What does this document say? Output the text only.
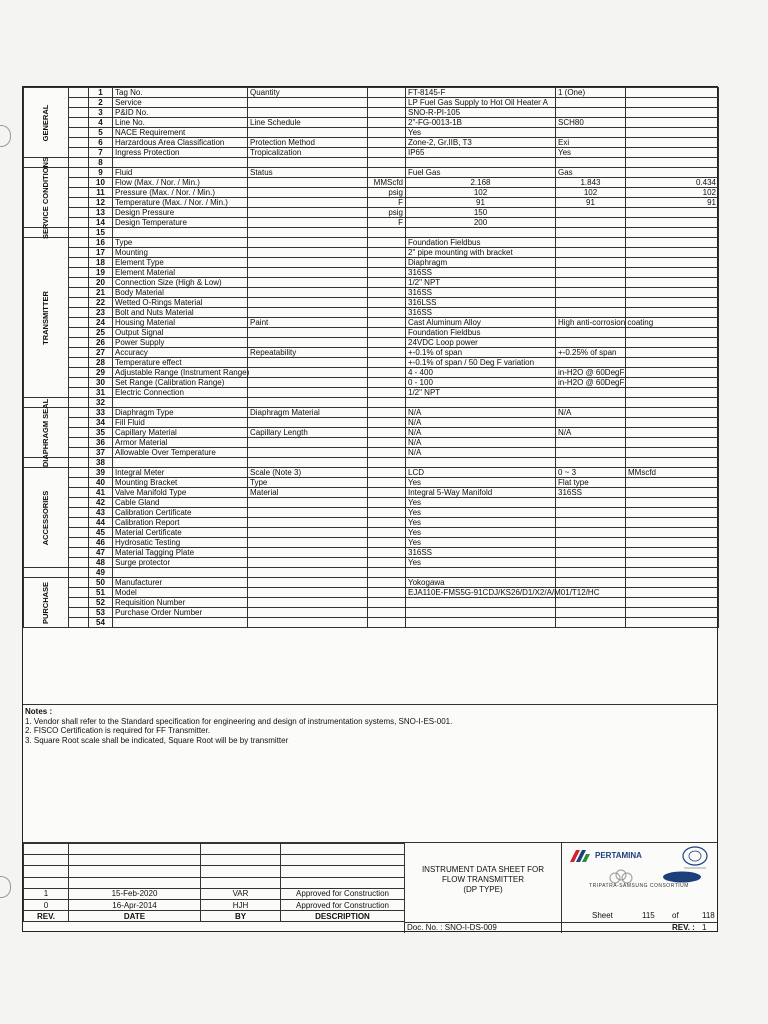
GENERAL		1	Tag No.	Quantity		FT-8145-F	1 (One)	
		2	Service			LP Fuel Gas Supply to Hot Oil Heater A		
		3	P&ID No.			SNO-R-PI-105		
		4	Line No.	Line Schedule		2"-FG-0013-1B	SCH80	
		5	NACE Requirement			Yes		
		6	Harzardous Area Classification	Protection Method		Zone-2, Gr.IIB, T3	Exi	
		7	Ingress Protection	Tropicalization		IP65	Yes	

		8						

SERVICE CONDITIONS		9	Fluid	Status		Fuel Gas	Gas	
		10	Flow (Max. / Nor. / Min.)		MMScfd	2.168	1.843	0.434
		11	Pressure (Max. / Nor. / Min.)		psig	102	102	102
		12	Temperature (Max. / Nor. / Min.)		F	91	91	91
		13	Design Pressure		psig	150		
		14	Design Temperature		F	200		

		15						

TRANSMITTER		16	Type			Foundation Fieldbus		
		17	Mounting			2" pipe mounting with bracket		
		18	Element Type			Diaphragm		
		19	Element Material			316SS		
		20	Connection Size (High & Low)			1/2" NPT		
		21	Body Material			316SS		
		22	Wetted O-Rings Material			316LSS		
		23	Bolt and Nuts Material			316SS		
		24	Housing Material	Paint		Cast Aluminum Alloy	High anti-corrosion coating	
		25	Output Signal			Foundation Fieldbus		
		26	Power Supply			24VDC Loop power		
		27	Accuracy	Repeatability		+-0.1% of span	+-0.25% of span	
		28	Temperature effect			+-0.1% of span / 50 Deg F variation		
		29	Adjustable Range (Instrument Range)			4 - 400	in-H2O @ 60DegF	
		30	Set Range (Calibration Range)			0 - 100	in-H2O @ 60DegF	
		31	Electric Connection			1/2" NPT		

		32						

DIAPHRAGM SEAL		33	Diaphragm Type	Diaphragm Material		N/A	N/A	
		34	Fill Fluid			N/A		
		35	Capillary Material	Capillary Length		N/A	N/A	
		36	Armor Material			N/A		
		37	Allowable Over Temperature			N/A		

		38						

ACCESSORIES		39	Integral Meter	Scale (Note 3)		LCD	0 ~ 3	MMscfd
		40	Mounting Bracket	Type		Yes	Flat type	
		41	Valve Manifold Type	Material		Integral 5-Way Manifold	316SS	
		42	Cable Gland			Yes		
		43	Calibration Certificate			Yes		
		44	Calibration Report			Yes		
		45	Material Certificate			Yes		
		46	Hydrosatic Testing			Yes		
		47	Material Tagging Plate			316SS		
		48	Surge protector			Yes		

		49						

PURCHASE		50	Manufacturer			Yokogawa		
		51	Model			EJA110E-FMS5G-91CDJ/KS26/D1/X2/A/M01/T12/HC		
		52	Requisition Number					
		53	Purchase Order Number					
		54						
Notes :
1. Vendor shall refer to the Standard specification for engineering and design of instrumentation systems, SNO-I-ES-001.
2. FISCO Certification is required for FF Transmitter.
3. Square Root scale shall be indicated, Square Root will be by transmitter

1	15-Feb-2020	VAR	Approved for Construction
0	16-Apr-2014	HJH	Approved for Construction
REV.	DATE	BY	DESCRIPTION
INSTRUMENT DATA SHEET FOR
FLOW TRANSMITTER
(DP TYPE)
Doc. No. : SNO-I-DS-009
PERTAMINA
TRIPATRA-SAMSUNG CONSORTIUM
Sheet	115 of	118
REV. : 1
